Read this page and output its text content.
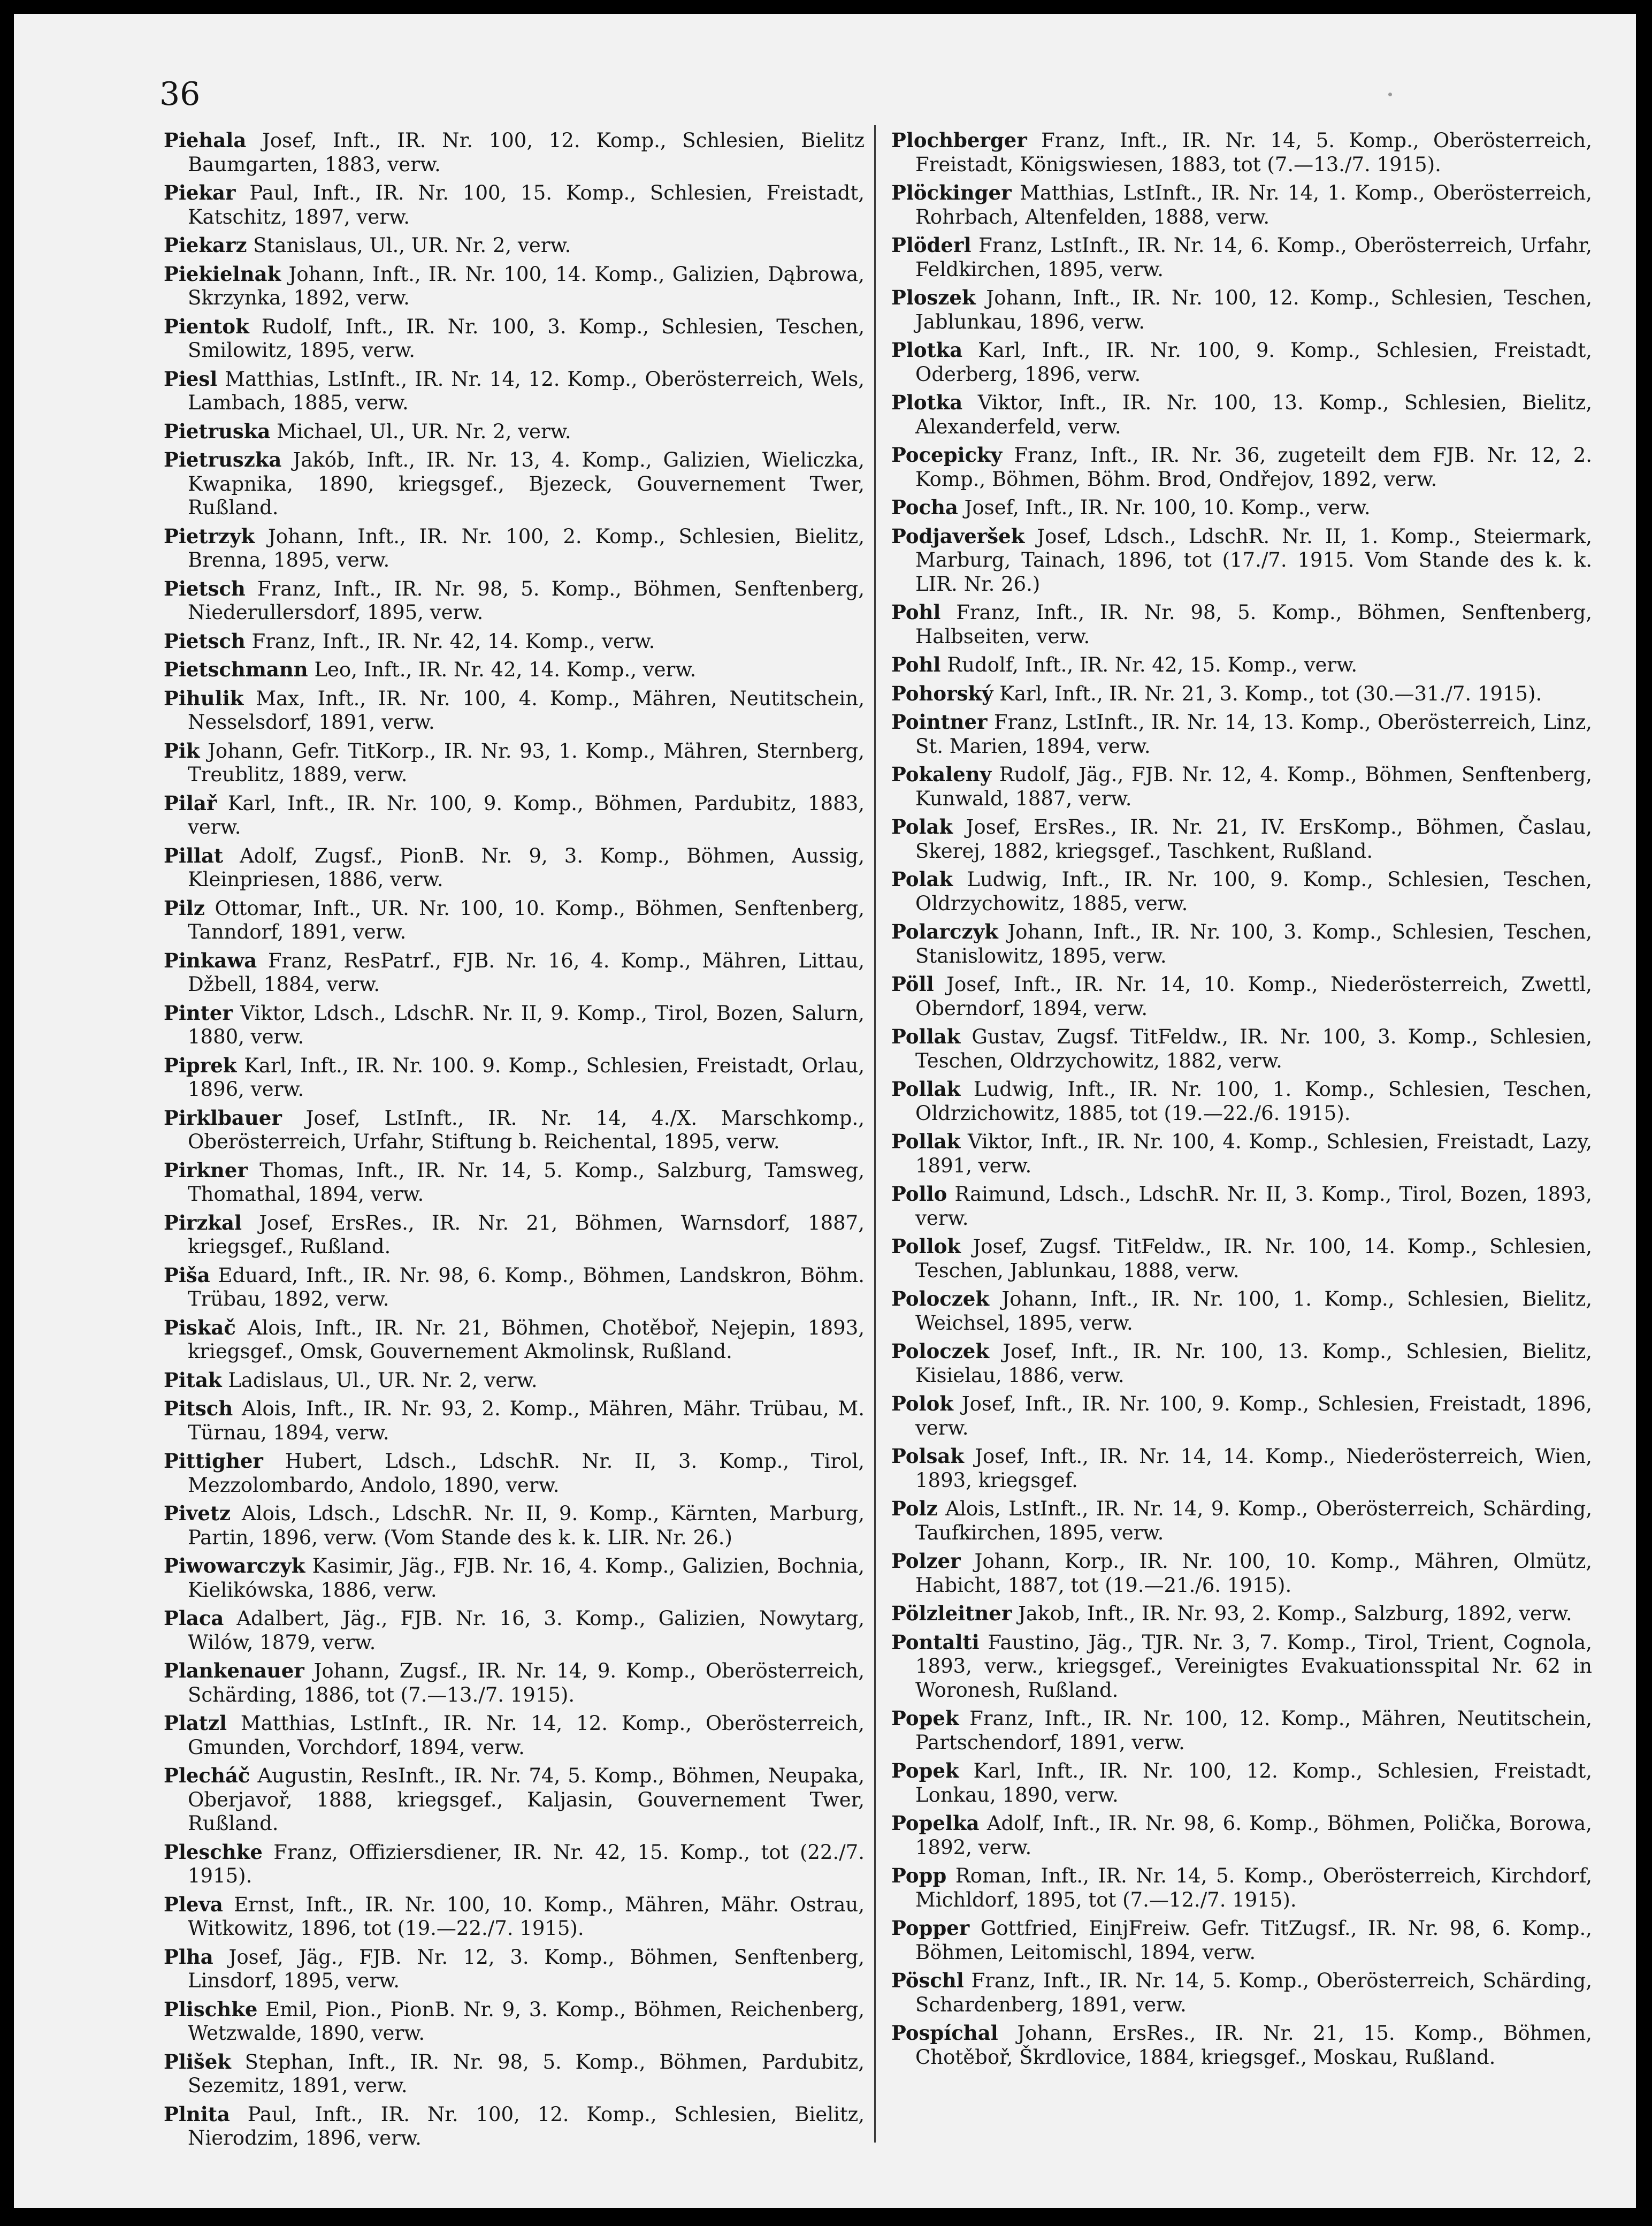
36

Piehala Josef, Inft., IR. Nr. 100, 12. Komp., Schlesien, Bielitz Baumgarten, 1883, verw.

Piekar Paul, Inft., IR. Nr. 100, 15. Komp., Schlesien, Freistadt, Katschitz, 1897, verw.

Piekarz Stanislaus, Ul., UR. Nr. 2, verw.

Piekielnak Johann, Inft., IR. Nr. 100, 14. Komp., Galizien, Dąbrowa, Skrzynka, 1892, verw.

Pientok Rudolf, Inft., IR. Nr. 100, 3. Komp., Schlesien, Teschen, Smilowitz, 1895, verw.

Piesl Matthias, LstInft., IR. Nr. 14, 12. Komp., Oberösterreich, Wels, Lambach, 1885, verw.

Pietruska Michael, Ul., UR. Nr. 2, verw.

Pietruszka Jakób, Inft., IR. Nr. 13, 4. Komp., Galizien, Wieliczka, Kwapnika, 1890, kriegsgef., Bjezeck, Gouvernement Twer, Rußland.

Pietrzyk Johann, Inft., IR. Nr. 100, 2. Komp., Schlesien, Bielitz, Brenna, 1895, verw.

Pietsch Franz, Inft., IR. Nr. 98, 5. Komp., Böhmen, Senftenberg, Niederullersdorf, 1895, verw.

Pietsch Franz, Inft., IR. Nr. 42, 14. Komp., verw.

Pietschmann Leo, Inft., IR. Nr. 42, 14. Komp., verw.

Pihulik Max, Inft., IR. Nr. 100, 4. Komp., Mähren, Neutitschein, Nesselsdorf, 1891, verw.

Pik Johann, Gefr. TitKorp., IR. Nr. 93, 1. Komp., Mähren, Sternberg, Treublitz, 1889, verw.

Pilař Karl, Inft., IR. Nr. 100, 9. Komp., Böhmen, Pardubitz, 1883, verw.

Pillat Adolf, Zugsf., PionB. Nr. 9, 3. Komp., Böhmen, Aussig, Kleinpriesen, 1886, verw.

Pilz Ottomar, Inft., UR. Nr. 100, 10. Komp., Böhmen, Senftenberg, Tanndorf, 1891, verw.

Pinkawa Franz, ResPatrf., FJB. Nr. 16, 4. Komp., Mähren, Littau, Džbell, 1884, verw.

Pinter Viktor, Ldsch., LdschR. Nr. II, 9. Komp., Tirol, Bozen, Salurn, 1880, verw.

Piprek Karl, Inft., IR. Nr. 100. 9. Komp., Schlesien, Freistadt, Orlau, 1896, verw.

Pirklbauer Josef, LstInft., IR. Nr. 14, 4./X. Marschkomp., Oberösterreich, Urfahr, Stiftung b. Reichental, 1895, verw.

Pirkner Thomas, Inft., IR. Nr. 14, 5. Komp., Salzburg, Tamsweg, Thomathal, 1894, verw.

Pirzkal Josef, ErsRes., IR. Nr. 21, Böhmen, Warnsdorf, 1887, kriegsgef., Rußland.

Piša Eduard, Inft., IR. Nr. 98, 6. Komp., Böhmen, Landskron, Böhm. Trübau, 1892, verw.

Piskač Alois, Inft., IR. Nr. 21, Böhmen, Chotěboř, Nejepin, 1893, kriegsgef., Omsk, Gouvernement Akmolinsk, Rußland.

Pitak Ladislaus, Ul., UR. Nr. 2, verw.

Pitsch Alois, Inft., IR. Nr. 93, 2. Komp., Mähren, Mähr. Trübau, M. Türnau, 1894, verw.

Pittigher Hubert, Ldsch., LdschR. Nr. II, 3. Komp., Tirol, Mezzolombardo, Andolo, 1890, verw.

Pivetz Alois, Ldsch., LdschR. Nr. II, 9. Komp., Kärnten, Marburg, Partin, 1896, verw. (Vom Stande des k. k. LIR. Nr. 26.)

Piwowarczyk Kasimir, Jäg., FJB. Nr. 16, 4. Komp., Galizien, Bochnia, Kielikówska, 1886, verw.

Placa Adalbert, Jäg., FJB. Nr. 16, 3. Komp., Galizien, Nowytarg, Wilów, 1879, verw.

Plankenauer Johann, Zugsf., IR. Nr. 14, 9. Komp., Oberösterreich, Schärding, 1886, tot (7.—13./7. 1915).

Platzl Matthias, LstInft., IR. Nr. 14, 12. Komp., Oberösterreich, Gmunden, Vorchdorf, 1894, verw.

Plecháč Augustin, ResInft., IR. Nr. 74, 5. Komp., Böhmen, Neupaka, Oberjavoř, 1888, kriegsgef., Kaljasin, Gouvernement Twer, Rußland.

Pleschke Franz, Offiziersdiener, IR. Nr. 42, 15. Komp., tot (22./7. 1915).

Pleva Ernst, Inft., IR. Nr. 100, 10. Komp., Mähren, Mähr. Ostrau, Witkowitz, 1896, tot (19.—22./7. 1915).

Plha Josef, Jäg., FJB. Nr. 12, 3. Komp., Böhmen, Senftenberg, Linsdorf, 1895, verw.

Plischke Emil, Pion., PionB. Nr. 9, 3. Komp., Böhmen, Reichenberg, Wetzwalde, 1890, verw.

Plišek Stephan, Inft., IR. Nr. 98, 5. Komp., Böhmen, Pardubitz, Sezemitz, 1891, verw.

Plnita Paul, Inft., IR. Nr. 100, 12. Komp., Schlesien, Bielitz, Nierodzim, 1896, verw.

Plochberger Franz, Inft., IR. Nr. 14, 5. Komp., Oberösterreich, Freistadt, Königswiesen, 1883, tot (7.—13./7. 1915).

Plöckinger Matthias, LstInft., IR. Nr. 14, 1. Komp., Oberösterreich, Rohrbach, Altenfelden, 1888, verw.

Plöderl Franz, LstInft., IR. Nr. 14, 6. Komp., Oberösterreich, Urfahr, Feldkirchen, 1895, verw.

Ploszek Johann, Inft., IR. Nr. 100, 12. Komp., Schlesien, Teschen, Jablunkau, 1896, verw.

Plotka Karl, Inft., IR. Nr. 100, 9. Komp., Schlesien, Freistadt, Oderberg, 1896, verw.

Plotka Viktor, Inft., IR. Nr. 100, 13. Komp., Schlesien, Bielitz, Alexanderfeld, verw.

Pocepicky Franz, Inft., IR. Nr. 36, zugeteilt dem FJB. Nr. 12, 2. Komp., Böhmen, Böhm. Brod, Ondřejov, 1892, verw.

Pocha Josef, Inft., IR. Nr. 100, 10. Komp., verw.

Podjaveršek Josef, Ldsch., LdschR. Nr. II, 1. Komp., Steiermark, Marburg, Tainach, 1896, tot (17./7. 1915. Vom Stande des k. k. LIR. Nr. 26.)

Pohl Franz, Inft., IR. Nr. 98, 5. Komp., Böhmen, Senftenberg, Halbseiten, verw.

Pohl Rudolf, Inft., IR. Nr. 42, 15. Komp., verw.

Pohorský Karl, Inft., IR. Nr. 21, 3. Komp., tot (30.—31./7. 1915).

Pointner Franz, LstInft., IR. Nr. 14, 13. Komp., Oberösterreich, Linz, St. Marien, 1894, verw.

Pokaleny Rudolf, Jäg., FJB. Nr. 12, 4. Komp., Böhmen, Senftenberg, Kunwald, 1887, verw.

Polak Josef, ErsRes., IR. Nr. 21, IV. ErsKomp., Böhmen, Časlau, Skerej, 1882, kriegsgef., Taschkent, Rußland.

Polak Ludwig, Inft., IR. Nr. 100, 9. Komp., Schlesien, Teschen, Oldrzychowitz, 1885, verw.

Polarczyk Johann, Inft., IR. Nr. 100, 3. Komp., Schlesien, Teschen, Stanislowitz, 1895, verw.

Pöll Josef, Inft., IR. Nr. 14, 10. Komp., Niederösterreich, Zwettl, Oberndorf, 1894, verw.

Pollak Gustav, Zugsf. TitFeldw., IR. Nr. 100, 3. Komp., Schlesien, Teschen, Oldrzychowitz, 1882, verw.

Pollak Ludwig, Inft., IR. Nr. 100, 1. Komp., Schlesien, Teschen, Oldrzichowitz, 1885, tot (19.—22./6. 1915).

Pollak Viktor, Inft., IR. Nr. 100, 4. Komp., Schlesien, Freistadt, Lazy, 1891, verw.

Pollo Raimund, Ldsch., LdschR. Nr. II, 3. Komp., Tirol, Bozen, 1893, verw.

Pollok Josef, Zugsf. TitFeldw., IR. Nr. 100, 14. Komp., Schlesien, Teschen, Jablunkau, 1888, verw.

Poloczek Johann, Inft., IR. Nr. 100, 1. Komp., Schlesien, Bielitz, Weichsel, 1895, verw.

Poloczek Josef, Inft., IR. Nr. 100, 13. Komp., Schlesien, Bielitz, Kisielau, 1886, verw.

Polok Josef, Inft., IR. Nr. 100, 9. Komp., Schlesien, Freistadt, 1896, verw.

Polsak Josef, Inft., IR. Nr. 14, 14. Komp., Niederösterreich, Wien, 1893, kriegsgef.

Polz Alois, LstInft., IR. Nr. 14, 9. Komp., Oberösterreich, Schärding, Taufkirchen, 1895, verw.

Polzer Johann, Korp., IR. Nr. 100, 10. Komp., Mähren, Olmütz, Habicht, 1887, tot (19.—21./6. 1915).

Pölzleitner Jakob, Inft., IR. Nr. 93, 2. Komp., Salzburg, 1892, verw.

Pontalti Faustino, Jäg., TJR. Nr. 3, 7. Komp., Tirol, Trient, Cognola, 1893, verw., kriegsgef., Vereinigtes Evakuationsspital Nr. 62 in Woronesh, Rußland.

Popek Franz, Inft., IR. Nr. 100, 12. Komp., Mähren, Neutitschein, Partschendorf, 1891, verw.

Popek Karl, Inft., IR. Nr. 100, 12. Komp., Schlesien, Freistadt, Lonkau, 1890, verw.

Popelka Adolf, Inft., IR. Nr. 98, 6. Komp., Böhmen, Polička, Borowa, 1892, verw.

Popp Roman, Inft., IR. Nr. 14, 5. Komp., Oberösterreich, Kirchdorf, Michldorf, 1895, tot (7.—12./7. 1915).

Popper Gottfried, EinjFreiw. Gefr. TitZugsf., IR. Nr. 98, 6. Komp., Böhmen, Leitomischl, 1894, verw.

Pöschl Franz, Inft., IR. Nr. 14, 5. Komp., Oberösterreich, Schärding, Schardenberg, 1891, verw.

Pospíchal Johann, ErsRes., IR. Nr. 21, 15. Komp., Böhmen, Chotěboř, Škrdlovice, 1884, kriegsgef., Moskau, Rußland.
